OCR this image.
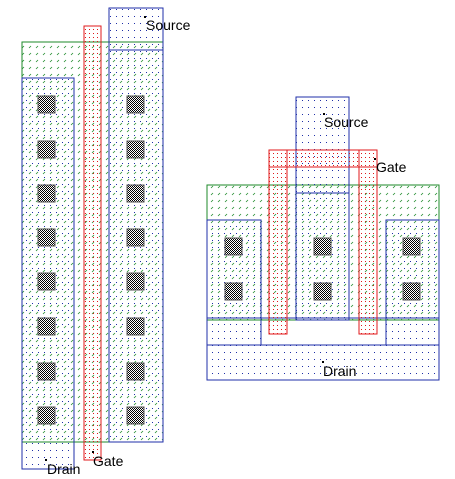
Source
Gate
Drain
Source
Gate
Drain
